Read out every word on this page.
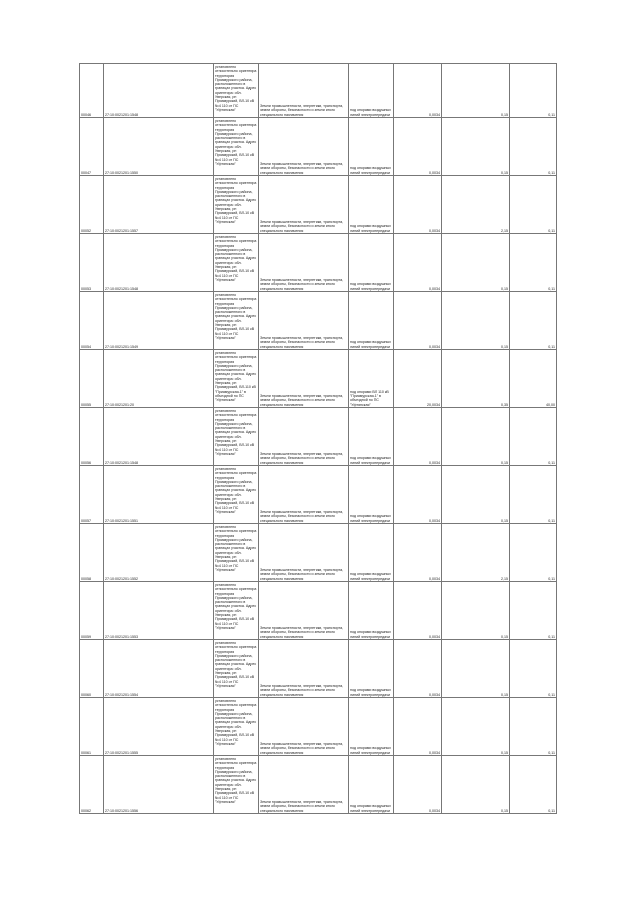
00046	27:10:0021201:1548	установлено относительно ориентира территория Приамурского района, расположенного в границах участка. Адрес ориентира: обл. Уверская, рн Приамурский, ВЛ-10 кВ №4 110 от ПС "Уфтянская"	Земли промышленности, энергетики, транспорта, земли обороны, безопасности и земли иного специального назначения	под опорами воздушных линий электропередачи	0,0034	0,15	0,11
00047	27:10:0021201:1550	установлено относительно ориентира территория Приамурского района, расположенного в границах участка. Адрес ориентира: обл. Уверская, рн Приамурский, ВЛ-10 кВ №4 110 от ПС "Уфтянская"	Земли промышленности, энергетики, транспорта, земли обороны, безопасности и земли иного специального назначения	под опорами воздушных линий электропередачи	0,0034	0,15	0,11
00052	27:10:0021201:1557	установлено относительно ориентира территория Приамурского района, расположенного в границах участка. Адрес ориентира: обл. Уверская, рн Приамурский, ВЛ-10 кВ №4 110 от ПС "Уфтянская"	Земли промышленности, энергетики, транспорта, земли обороны, безопасности и земли иного специального назначения	под опорами воздушных линий электропередачи	0,0034	2,15	0,11
00053	27:10:0021201:1548	установлено относительно ориентира территория Приамурского района, расположенного в границах участка. Адрес ориентира: обл. Уверская, рн Приамурский, ВЛ-10 кВ №4 110 от ПС "Уфтянская"	Земли промышленности, энергетики, транспорта, земли обороны, безопасности и земли иного специального назначения	под опорами воздушных линий электропередачи	0,0034	0,15	0,11
00054	27:10:0021201:1549	установлено относительно ориентира территория Приамурского района, расположенного в границах участка. Адрес ориентира: обл. Уверская, рн Приамурский, ВЛ-10 кВ №4 110 от ПС "Уфтянская"	Земли промышленности, энергетики, транспорта, земли обороны, безопасности и земли иного специального назначения	под опорами воздушных линий электропередачи	0,0034	0,15	0,11
00055	27:10:0021201:20	установлено относительно ориентира территория Приамурского района, расположенного в границах участка. Адрес ориентира: обл. Уверская, рн Приамурский, ВЛ-110 кВ "Приамурская-1" в объездной по ПС "Уфтянская"	Земли промышленности, энергетики, транспорта, земли обороны, безопасности и земли иного специального назначения	под опорами ВЛ 110 кВ "Приамурская-1" в объездной по ПС "Уфтянская"	20,0034	0,35	40,00
00056	27:10:0021201:1548	установлено относительно ориентира территория Приамурского района, расположенного в границах участка. Адрес ориентира: обл. Уверская, рн Приамурский, ВЛ-10 кВ №4 110 от ПС "Уфтянская"	Земли промышленности, энергетики, транспорта, земли обороны, безопасности и земли иного специального назначения	под опорами воздушных линий электропередачи	0,0034	0,15	0,11
00057	27:10:0021201:1551	установлено относительно ориентира территория Приамурского района, расположенного в границах участка. Адрес ориентира: обл. Уверская, рн Приамурский, ВЛ-10 кВ №4 110 от ПС "Уфтянская"	Земли промышленности, энергетики, транспорта, земли обороны, безопасности и земли иного специального назначения	под опорами воздушных линий электропередачи	0,0034	0,15	0,11
00058	27:10:0021201:1552	установлено относительно ориентира территория Приамурского района, расположенного в границах участка. Адрес ориентира: обл. Уверская, рн Приамурский, ВЛ-10 кВ №4 110 от ПС "Уфтянская"	Земли промышленности, энергетики, транспорта, земли обороны, безопасности и земли иного специального назначения	под опорами воздушных линий электропередачи	0,0034	2,15	0,11
00059	27:10:0021201:1553	установлено относительно ориентира территория Приамурского района, расположенного в границах участка. Адрес ориентира: обл. Уверская, рн Приамурский, ВЛ-10 кВ №4 110 от ПС "Уфтянская"	Земли промышленности, энергетики, транспорта, земли обороны, безопасности и земли иного специального назначения	под опорами воздушных линий электропередачи	0,0034	0,15	0,11
00060	27:10:0021201:1554	установлено относительно ориентира территория Приамурского района, расположенного в границах участка. Адрес ориентира: обл. Уверская, рн Приамурский, ВЛ-10 кВ №4 110 от ПС "Уфтянская"	Земли промышленности, энергетики, транспорта, земли обороны, безопасности и земли иного специального назначения	под опорами воздушных линий электропередачи	0,0034	0,15	0,11
00061	27:10:0021201:1555	установлено относительно ориентира территория Приамурского района, расположенного в границах участка. Адрес ориентира: обл. Уверская, рн Приамурский, ВЛ-10 кВ №4 110 от ПС "Уфтянская"	Земли промышленности, энергетики, транспорта, земли обороны, безопасности и земли иного специального назначения	под опорами воздушных линий электропередачи	0,0034	0,15	0,11
00062	27:10:0021201:1556	установлено относительно ориентира территория Приамурского района, расположенного в границах участка. Адрес ориентира: обл. Уверская, рн Приамурский, ВЛ-10 кВ №4 110 от ПС "Уфтянская"	Земли промышленности, энергетики, транспорта, земли обороны, безопасности и земли иного специального назначения	под опорами воздушных линий электропередачи	0,0034	0,15	0,11
